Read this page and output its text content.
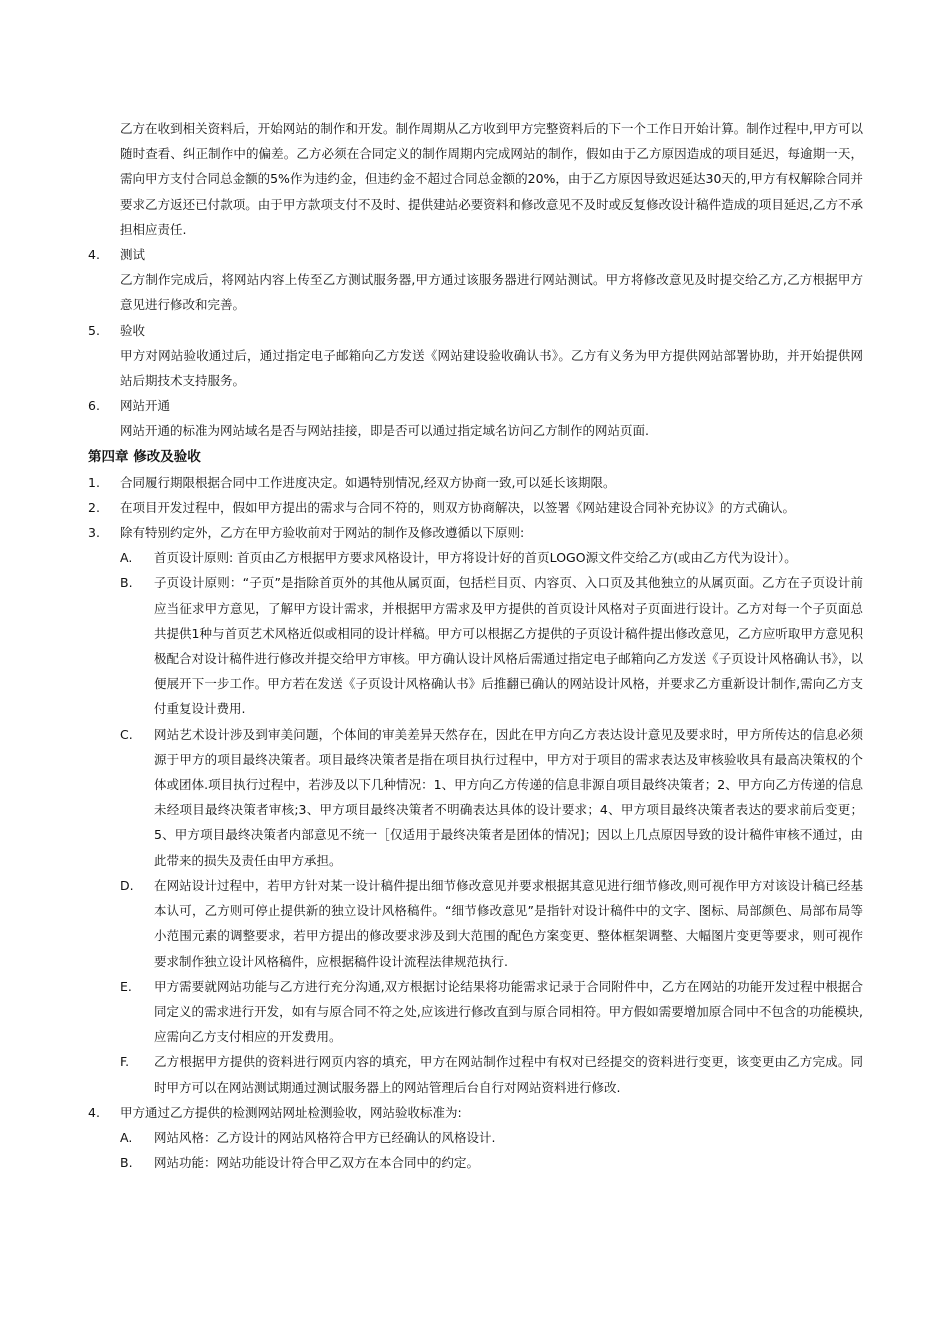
乙方在收到相关资料后，开始网站的制作和开发。制作周期从乙方收到甲方完整资料后的下一个工作日开始计算。制作过程中,甲方可以随时查看、纠正制作中的偏差。乙方必须在合同定义的制作周期内完成网站的制作，假如由于乙方原因造成的项目延迟，每逾期一天，需向甲方支付合同总金额的5%作为违约金，但违约金不超过合同总金额的20%，由于乙方原因导致迟延达30天的,甲方有权解除合同并要求乙方返还已付款项。由于甲方款项支付不及时、提供建站必要资料和修改意见不及时或反复修改设计稿件造成的项目延迟,乙方不承担相应责任.

4.	测试

乙方制作完成后，将网站内容上传至乙方测试服务器,甲方通过该服务器进行网站测试。甲方将修改意见及时提交给乙方,乙方根据甲方意见进行修改和完善。

5.	验收

甲方对网站验收通过后，通过指定电子邮箱向乙方发送《网站建设验收确认书》。乙方有义务为甲方提供网站部署协助，并开始提供网站后期技术支持服务。

6.	网站开通

网站开通的标准为网站域名是否与网站挂接，即是否可以通过指定域名访问乙方制作的网站页面.

第四章 修改及验收

1.	合同履行期限根据合同中工作进度决定。如遇特别情况,经双方协商一致,可以延长该期限。
2.	在项目开发过程中，假如甲方提出的需求与合同不符的，则双方协商解决，以签署《网站建设合同补充协议》的方式确认。
3.	除有特别约定外，乙方在甲方验收前对于网站的制作及修改遵循以下原则:
A.	首页设计原则: 首页由乙方根据甲方要求风格设计，甲方将设计好的首页LOGO源文件交给乙方(或由乙方代为设计）。
B.	子页设计原则：“子页”是指除首页外的其他从属页面，包括栏目页、内容页、入口页及其他独立的从属页面。乙方在子页设计前应当征求甲方意见，了解甲方设计需求，并根据甲方需求及甲方提供的首页设计风格对子页面进行设计。乙方对每一个子页面总共提供1种与首页艺术风格近似或相同的设计样稿。甲方可以根据乙方提供的子页设计稿件提出修改意见，乙方应听取甲方意见积极配合对设计稿件进行修改并提交给甲方审核。甲方确认设计风格后需通过指定电子邮箱向乙方发送《子页设计风格确认书》，以便展开下一步工作。甲方若在发送《子页设计风格确认书》后推翻已确认的网站设计风格，并要求乙方重新设计制作,需向乙方支付重复设计费用.
C.	网站艺术设计涉及到审美问题，个体间的审美差异天然存在，因此在甲方向乙方表达设计意见及要求时，甲方所传达的信息必须源于甲方的项目最终决策者。项目最终决策者是指在项目执行过程中，甲方对于项目的需求表达及审核验收具有最高决策权的个体或团体.项目执行过程中，若涉及以下几种情况：1、甲方向乙方传递的信息非源自项目最终决策者；2、甲方向乙方传递的信息未经项目最终决策者审核;3、甲方项目最终决策者不明确表达具体的设计要求；4、甲方项目最终决策者表达的要求前后变更；5、甲方项目最终决策者内部意见不统一［仅适用于最终决策者是团体的情况]；因以上几点原因导致的设计稿件审核不通过，由此带来的损失及责任由甲方承担。
D.	在网站设计过程中，若甲方针对某一设计稿件提出细节修改意见并要求根据其意见进行细节修改,则可视作甲方对该设计稿已经基本认可，乙方则可停止提供新的独立设计风格稿件。“细节修改意见”是指针对设计稿件中的文字、图标、局部颜色、局部布局等小范围元素的调整要求，若甲方提出的修改要求涉及到大范围的配色方案变更、整体框架调整、大幅图片变更等要求，则可视作要求制作独立设计风格稿件，应根据稿件设计流程法律规范执行.
E.	甲方需要就网站功能与乙方进行充分沟通,双方根据讨论结果将功能需求记录于合同附件中，乙方在网站的功能开发过程中根据合同定义的需求进行开发，如有与原合同不符之处,应该进行修改直到与原合同相符。甲方假如需要增加原合同中不包含的功能模块,应需向乙方支付相应的开发费用。
F.	乙方根据甲方提供的资料进行网页内容的填充，甲方在网站制作过程中有权对已经提交的资料进行变更，该变更由乙方完成。同时甲方可以在网站测试期通过测试服务器上的网站管理后台自行对网站资料进行修改.
4.	甲方通过乙方提供的检测网站网址检测验收，网站验收标准为:
A.	网站风格：乙方设计的网站风格符合甲方已经确认的风格设计.
B.	网站功能：网站功能设计符合甲乙双方在本合同中的约定。
